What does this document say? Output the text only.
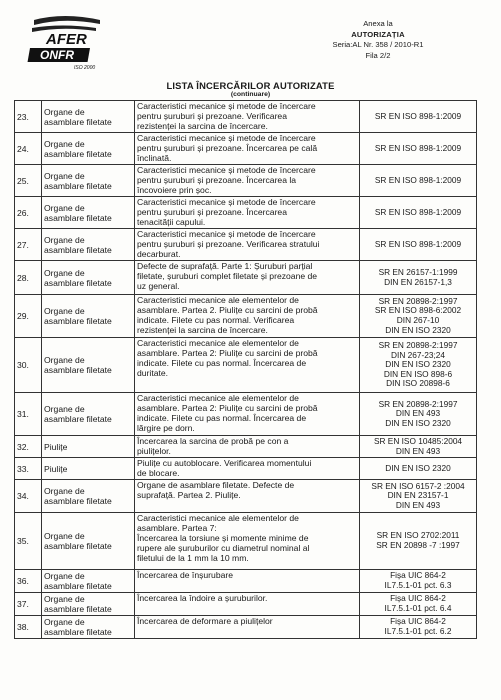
AFER
ONFR
ISO 2000
Anexa la
AUTORIZAȚIA
Seria:AL Nr. 358 / 2010-R1
Fila 2/2
LISTA ÎNCERCĂRILOR AUTORIZATE
(continuare)
23.	Organe de
asamblare filetate	Caracteristici mecanice și metode de încercare
pentru șuruburi și prezoane. Verificarea
rezistenței la sarcina de încercare.	SR EN ISO 898-1:2009

24.	Organe de
asamblare filetate	Caracteristici mecanice și metode de încercare
pentru șuruburi și prezoane. Încercarea pe cală
înclinată.	SR EN ISO 898-1:2009

25.	Organe de
asamblare filetate	Caracteristici mecanice și metode de încercare
pentru șuruburi și prezoane. Încercarea la
încovoiere prin șoc.	SR EN ISO 898-1:2009

26.	Organe de
asamblare filetate	Caracteristici mecanice și metode de încercare
pentru șuruburi și prezoane. Încercarea
tenacității capului.	SR EN ISO 898-1:2009

27.	Organe de
asamblare filetate	Caracteristici mecanice și metode de încercare
pentru șuruburi și prezoane. Verificarea stratului
decarburat.	SR EN ISO 898-1:2009

28.	Organe de
asamblare filetate	Defecte de suprafață. Parte 1: Șuruburi parțial
filetate, șuruburi complet filetate și prezoane de
uz general.	SR EN 26157-1:1999
DIN EN 26157-1,3

29.	Organe de
asamblare filetate	Caracteristici mecanice ale elementelor de
asamblare. Partea 2. Piulițe cu sarcini de probă
indicate. Filete cu pas normal. Verificarea
rezistenței la sarcina de încercare.	SR EN 20898-2:1997
SR EN ISO 898-6:2002
DIN 267-10
DIN EN ISO 2320

30.	Organe de
asamblare filetate	Caracteristici mecanice ale elementelor de
asamblare. Partea 2: Piulițe cu sarcini de probă
indicate. Filete cu pas normal. Încercarea de
duritate.	SR EN 20898-2:1997
DIN 267-23;24
DIN EN ISO 2320
DIN EN ISO 898-6
DIN ISO 20898-6

31.	Organe de
asamblare filetate	Caracteristici mecanice ale elementelor de
asamblare. Partea 2: Piulițe cu sarcini de probă
indicate. Filete cu pas normal. Încercarea de
lărgire pe dorn.	SR EN 20898-2:1997
DIN EN 493
DIN EN ISO 2320

32.	Piulițe	Încercarea la sarcina de probă pe con a
piulițelor.	SR EN ISO 10485:2004
DIN EN 493

33.	Piulițe	Piulițe cu autoblocare. Verificarea momentului
de blocare.	DIN EN ISO 2320

34.	Organe de
asamblare filetate	Organe de asamblare filetate. Defecte de
suprafață. Partea 2. Piulițe.	SR EN ISO 6157-2 :2004
DIN EN 23157-1
DIN EN 493

35.	Organe de
asamblare filetate	Caracteristici mecanice ale elementelor de
asamblare. Partea 7:
Încercarea la torsiune și momente minime de
rupere ale șuruburilor cu diametrul nominal al
filetului de la 1 mm la 10 mm.	SR EN ISO 2702:2011
SR EN 20898 -7 :1997

36.	Organe de
asamblare filetate	Încercarea de înșurubare	Fișa UIC 864-2
IL7.5.1-01 pct. 6.3

37.	Organe de
asamblare filetate	Încercarea la îndoire a șuruburilor.	Fișa UIC 864-2
IL7.5.1-01 pct. 6.4

38.	Organe de
asamblare filetate	Încercarea de deformare a piulițelor	Fișa UIC 864-2
IL7.5.1-01 pct. 6.2
